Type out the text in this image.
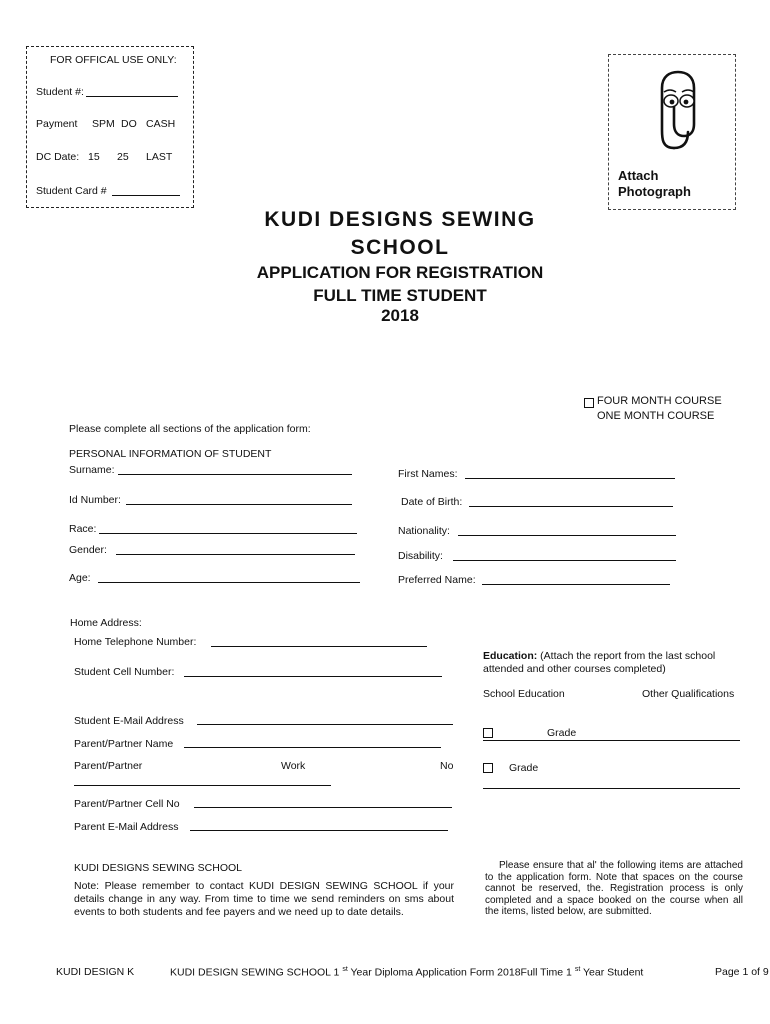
FOR OFFICAL USE ONLY:
Student #:
Payment SPM DO CASH
DC Date: 15 25 LAST
Student Card #
Attach
Photograph
KUDI DESIGNS SEWING
SCHOOL
APPLICATION FOR REGISTRATION
FULL TIME STUDENT
2018
FOUR MONTH COURSE
ONE MONTH COURSE
Please complete all sections of the application form:
PERSONAL INFORMATION OF STUDENT
Surname:	First Names:
Id Number:	Date of Birth:
Race:	Nationality:
Gender:	Disability:
Age:	Preferred Name:
Home Address:
Home Telephone Number:
Student Cell Number:
Student E-Mail Address
Parent/Partner Name
Parent/Partner	Work	No
Parent/Partner Cell No
Parent E-Mail Address
Education: (Attach the report from the last school
attended and other courses completed)
School Education	Other Qualifications
Grade
Grade
KUDI DESIGNS SEWING SCHOOL
Note: Please remember to contact KUDI DESIGN SEWING SCHOOL if your details change in any way. From time to time we send reminders on sms about events to both students and fee payers and we need up to date details.
Please ensure that al' the following items are attached to the application form. Note that spaces on the course cannot be reserved, the. Registration process is only completed and a space booked on the course when all the items, listed below, are submitted.
KUDI DESIGN K	KUDI DESIGN SEWING SCHOOL 1 $^{st}$ Year Diploma Application Form 2018Full Time 1 $^{st}$ Year Student	Page 1 of 9
